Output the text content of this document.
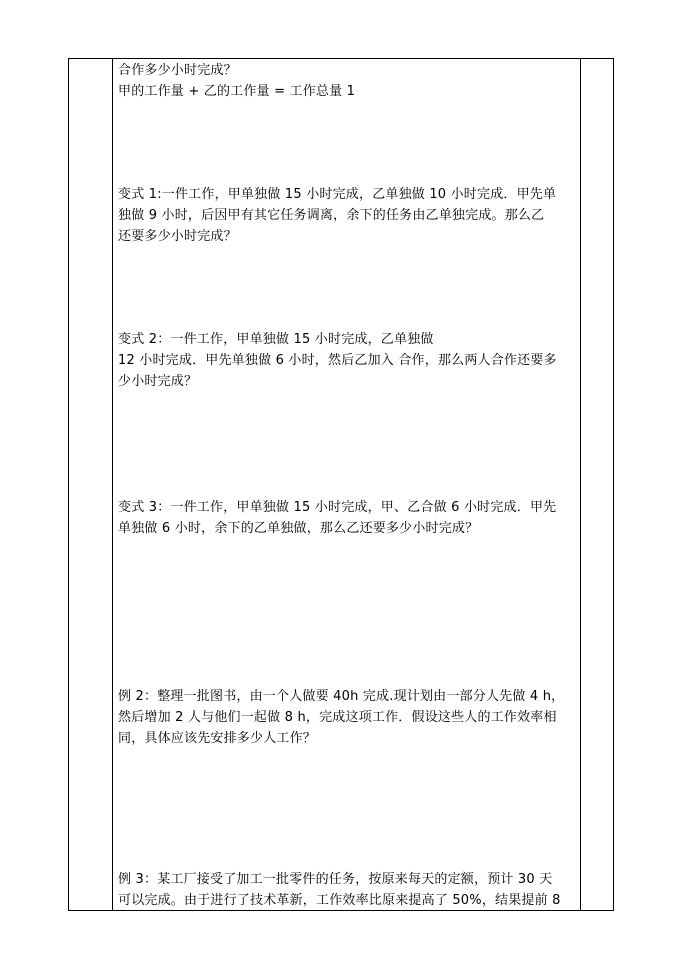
合作多少小时完成？

甲的工作量 + 乙的工作量 = 工作总量 1

变式 1:一件工作，甲单独做 15 小时完成，乙单独做 10 小时完成．甲先单

独做 9 小时，后因甲有其它任务调离，余下的任务由乙单独完成。那么乙

还要多少小时完成？

变式 2：一件工作，甲单独做 15 小时完成，乙单独做

12 小时完成．甲先单独做 6 小时，然后乙加入 合作，那么两人合作还要多

少小时完成？

变式 3：一件工作，甲单独做 15 小时完成，甲、乙合做 6 小时完成．甲先

单独做 6 小时，余下的乙单独做，那么乙还要多少小时完成？

例 2：整理一批图书，由一个人做要 40h 完成.现计划由一部分人先做 4 h，

然后增加 2 人与他们一起做 8 h，完成这项工作．假设这些人的工作效率相

同，具体应该先安排多少人工作？

例 3：某工厂接受了加工一批零件的任务，按原来每天的定额，预计 30 天

可以完成。由于进行了技术革新，工作效率比原来提高了 50%，结果提前 8
